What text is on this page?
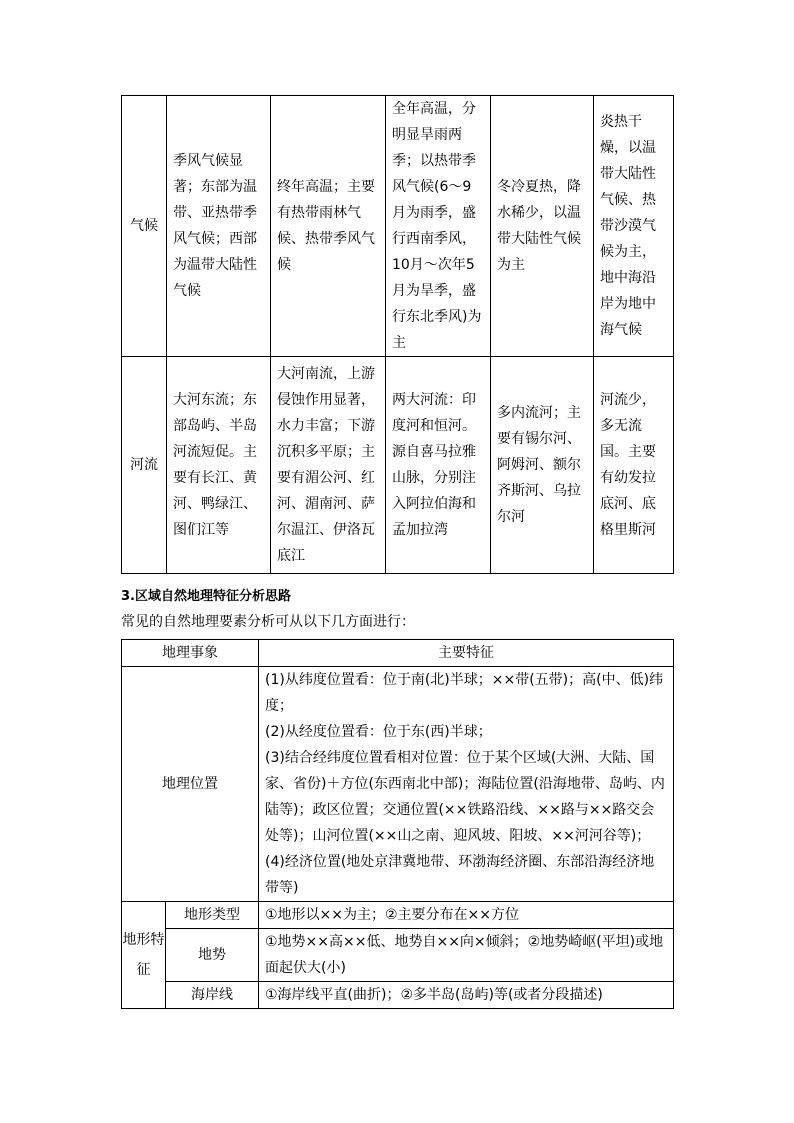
气候	季风气候显著；东部为温带、亚热带季风气候；西部为温带大陆性气候	终年高温；主要有热带雨林气候、热带季风气候	全年高温，分明显旱雨两季；以热带季风气候(6～9月为雨季，盛行西南季风，10月～次年5月为旱季，盛行东北季风)为主	冬冷夏热，降水稀少，以温带大陆性气候为主	炎热干燥，以温带大陆性气候、热带沙漠气候为主，地中海沿岸为地中海气候
河流	大河东流；东部岛屿、半岛河流短促。主要有长江、黄河、鸭绿江、图们江等	大河南流，上游侵蚀作用显著，水力丰富；下游沉积多平原；主要有湄公河、红河、湄南河、萨尔温江、伊洛瓦底江	两大河流：印度河和恒河。源自喜马拉雅山脉，分别注入阿拉伯海和孟加拉湾	多内流河；主要有锡尔河、阿姆河、额尔齐斯河、乌拉尔河	河流少，多无流国。主要有幼发拉底河、底格里斯河
3.区域自然地理特征分析思路
常见的自然地理要素分析可从以下几方面进行：
地理事象		主要特征
地理位置		(1)从纬度位置看：位于南(北)半球；××带(五带)；高(中、低)纬度；
(2)从经度位置看：位于东(西)半球；
(3)结合经纬度位置看相对位置：位于某个区域(大洲、大陆、国家、省份)＋方位(东西南北中部)；海陆位置(沿海地带、岛屿、内陆等)；政区位置；交通位置(××铁路沿线、××路与××路交会处等)；山河位置(××山之南、迎风坡、阳坡、××河河谷等)；
(4)经济位置(地处京津冀地带、环渤海经济圈、东部沿海经济地带等)

地形特征	地形类型	①地形以××为主；②主要分布在××方位
	地势	①地势××高××低、地势自××向×倾斜；②地势崎岖(平坦)或地面起伏大(小)
	海岸线	①海岸线平直(曲折)；②多半岛(岛屿)等(或者分段描述)
